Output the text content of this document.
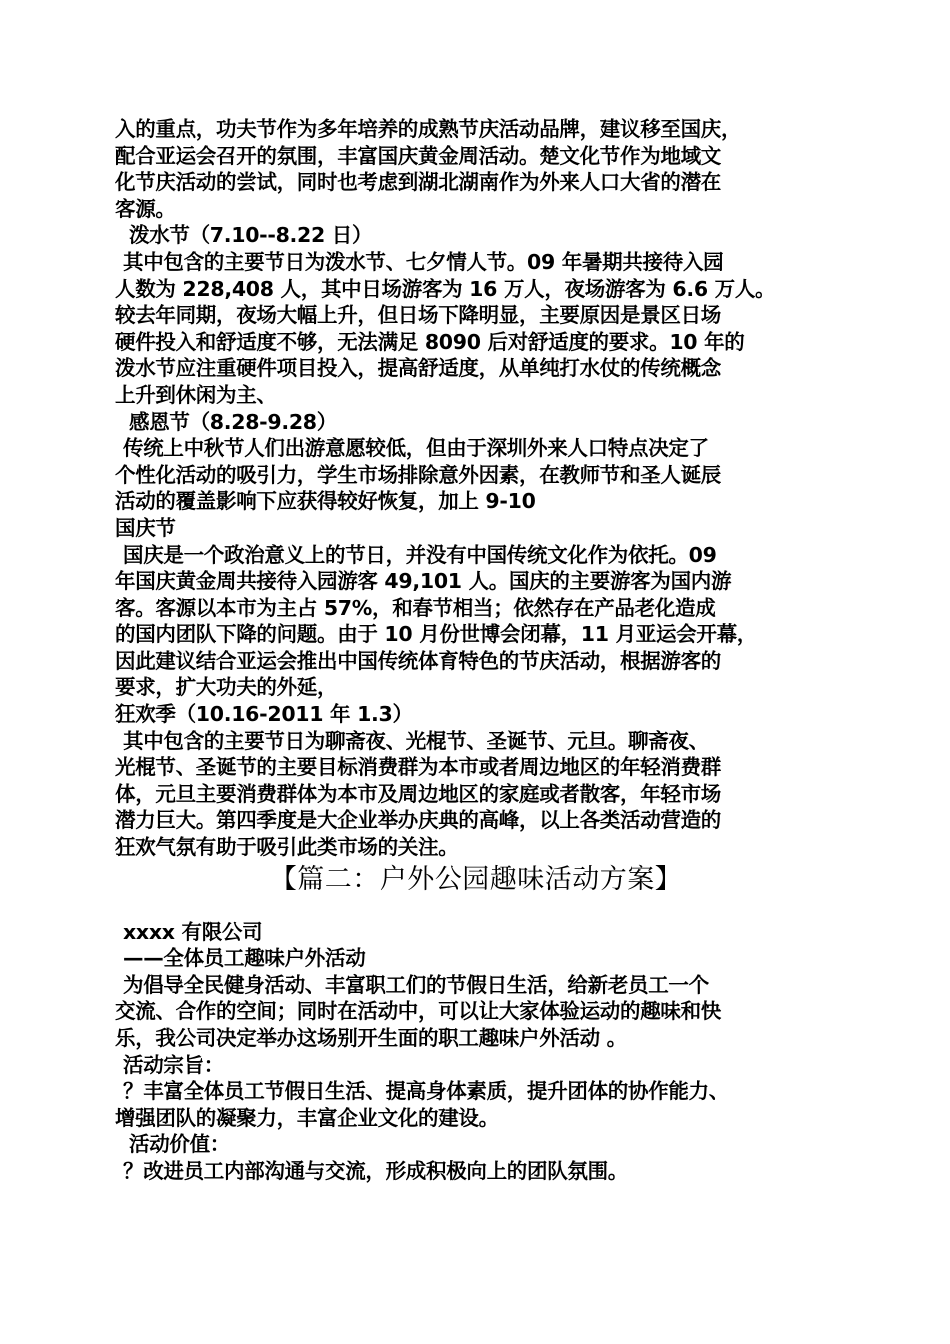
入的重点，功夫节作为多年培养的成熟节庆活动品牌，建议移至国庆，
配合亚运会召开的氛围，丰富国庆黄金周活动。楚文化节作为地域文
化节庆活动的尝试，同时也考虑到湖北湖南作为外来人口大省的潜在
客源。
泼水节（7.10--8.22 日）
其中包含的主要节日为泼水节、七夕情人节。09 年暑期共接待入园
人数为 228,408 人，其中日场游客为 16 万人，夜场游客为 6.6 万人。
较去年同期，夜场大幅上升，但日场下降明显，主要原因是景区日场
硬件投入和舒适度不够，无法满足 8090 后对舒适度的要求。10 年的
泼水节应注重硬件项目投入，提高舒适度，从单纯打水仗的传统概念
上升到休闲为主、
感恩节（8.28-9.28）
传统上中秋节人们出游意愿较低，但由于深圳外来人口特点决定了
个性化活动的吸引力，学生市场排除意外因素，在教师节和圣人诞辰
活动的覆盖影响下应获得较好恢复，加上 9-10
国庆节
国庆是一个政治意义上的节日，并没有中国传统文化作为依托。09
年国庆黄金周共接待入园游客 49,101 人。国庆的主要游客为国内游
客。客源以本市为主占 57%，和春节相当；依然存在产品老化造成
的国内团队下降的问题。由于 10 月份世博会闭幕，11 月亚运会开幕，
因此建议结合亚运会推出中国传统体育特色的节庆活动，根据游客的
要求，扩大功夫的外延，
狂欢季（10.16-2011 年 1.3）
其中包含的主要节日为聊斋夜、光棍节、圣诞节、元旦。聊斋夜、
光棍节、圣诞节的主要目标消费群为本市或者周边地区的年轻消费群
体，元旦主要消费群体为本市及周边地区的家庭或者散客，年轻市场
潜力巨大。第四季度是大企业举办庆典的高峰，以上各类活动营造的
狂欢气氛有助于吸引此类市场的关注。
【篇二：户外公园趣味活动方案】
xxxx 有限公司
——全体员工趣味户外活动
为倡导全民健身活动、丰富职工们的节假日生活，给新老员工一个
交流、合作的空间；同时在活动中，可以让大家体验运动的趣味和快
乐，我公司决定举办这场别开生面的职工趣味户外活动 。
活动宗旨：
？丰富全体员工节假日生活、提高身体素质，提升团体的协作能力、
增强团队的凝聚力，丰富企业文化的建设。
活动价值：
？改进员工内部沟通与交流，形成积极向上的团队氛围。
